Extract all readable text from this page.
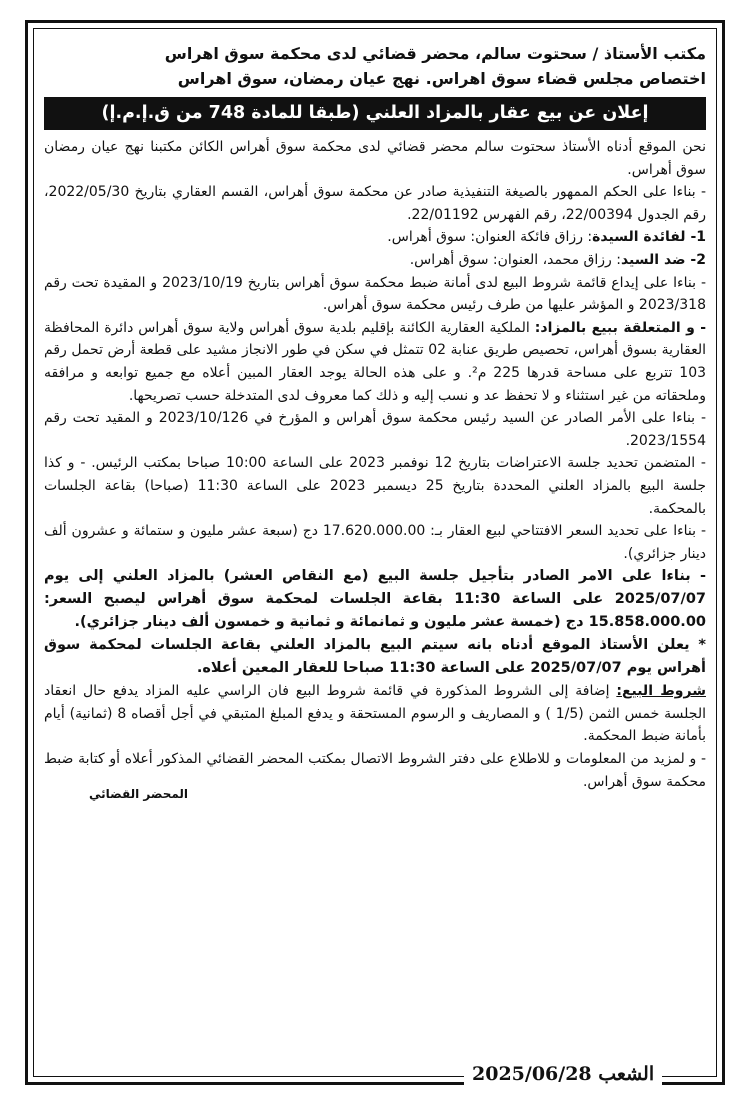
مكتب الأستاذ / سحتوت سالم، محضر قضائي لدى محكمة سوق اهراس
اختصاص مجلس قضاء سوق اهراس. نهج عيان رمضان، سوق اهراس
إعلان عن بيع عقار بالمزاد العلني (طبقا للمادة 748 من ق.إ.م.إ)

نحن الموقع أدناه الأستاذ سحتوت سالم محضر قضائي لدى محكمة سوق أهراس الكائن مكتبنا نهج عيان رمضان سوق أهراس.

- بناءا على الحكم الممهور بالصيغة التنفيذية صادر عن محكمة سوق أهراس، القسم العقاري بتاريخ 2022/05/30، رقم الجدول 22/00394، رقم الفهرس 22/01192.

1- لفائدة السيدة: رزاق فائكة العنوان: سوق أهراس.

2- ضد السيد: رزاق محمد، العنوان: سوق أهراس.

- بناءا على إيداع قائمة شروط البيع لدى أمانة ضبط محكمة سوق أهراس بتاريخ 2023/10/19 و المقيدة تحت رقم 2023/318 و المؤشر عليها من طرف رئيس محكمة سوق أهراس.

- و المتعلقة ببيع بالمزاد: الملكية العقارية الكائنة بإقليم بلدية سوق أهراس ولاية سوق أهراس دائرة المحافظة العقارية بسوق أهراس، تحصيص طريق عنابة 02 تتمثل في سكن في طور الانجاز مشيد على قطعة أرض تحمل رقم 103 تتربع على مساحة قدرها 225 م². و على هذه الحالة يوجد العقار المبين أعلاه مع جميع توابعه و مرافقه وملحقاته من غير استثناء و لا تحفظ عد و نسب إليه و ذلك كما معروف لدى المتدخلة حسب تصريحها.

- بناءا على الأمر الصادر عن السيد رئيس محكمة سوق أهراس و المؤرخ في 2023/10/126 و المقيد تحت رقم 2023/1554.

- المتضمن تحديد جلسة الاعتراضات بتاريخ 12 نوفمبر 2023 على الساعة 10:00 صباحا بمكتب الرئيس. - و كذا جلسة البيع بالمزاد العلني المحددة بتاريخ 25 ديسمبر 2023 على الساعة 11:30 (صباحا) بقاعة الجلسات بالمحكمة.

- بناءا على تحديد السعر الافتتاحي لبيع العقار بـ: 17.620.000.00 دج (سبعة عشر مليون و ستمائة و عشرون ألف دينار جزائري).

- بناءا على الامر الصادر بتأجيل جلسة البيع (مع النقاص العشر) بالمزاد العلني إلى يوم 2025/07/07 على الساعة 11:30 بقاعة الجلسات لمحكمة سوق أهراس ليصبح السعر: 15.858.000.00 دج (خمسة عشر مليون و ثمانمائة و ثمانية و خمسون ألف دينار جزائري).

* يعلن الأستاذ الموقع أدناه بانه سيتم البيع بالمزاد العلني بقاعة الجلسات لمحكمة سوق أهراس يوم 2025/07/07 على الساعة 11:30 صباحا للعقار المعين أعلاه.

شروط البيع: إضافة إلى الشروط المذكورة في قائمة شروط البيع فان الراسي عليه المزاد يدفع حال انعقاد الجلسة خمس الثمن (1/5 ) و المصاريف و الرسوم المستحقة و يدفع المبلغ المتبقي في أجل أقصاه 8 (ثمانية) أيام بأمانة ضبط المحكمة.

- و لمزيد من المعلومات و للاطلاع على دفتر الشروط الاتصال بمكتب المحضر القضائي المذكور أعلاه أو كتابة ضبط محكمة سوق أهراس.

المحضر القضائي
الشعب 2025/06/28
